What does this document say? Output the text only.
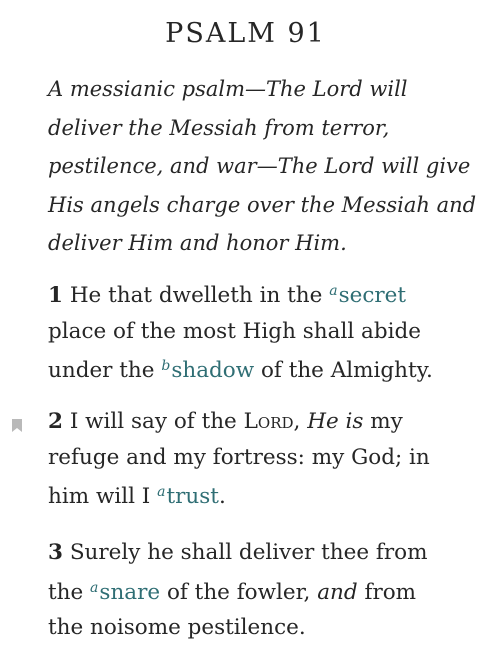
PSALM 91
A messianic psalm—The Lord will
deliver the Messiah from terror,
pestilence, and war—The Lord will give
His angels charge over the Messiah and
deliver Him and honor Him.
1 He that dwelleth in the $^a$secret
place of the most High shall abide
under the $^b$shadow of the Almighty.
2 I will say of the Lord, He is my
refuge and my fortress: my God; in
him will I $^a$trust.
3 Surely he shall deliver thee from
the $^a$snare of the fowler, and from
the noisome pestilence.
